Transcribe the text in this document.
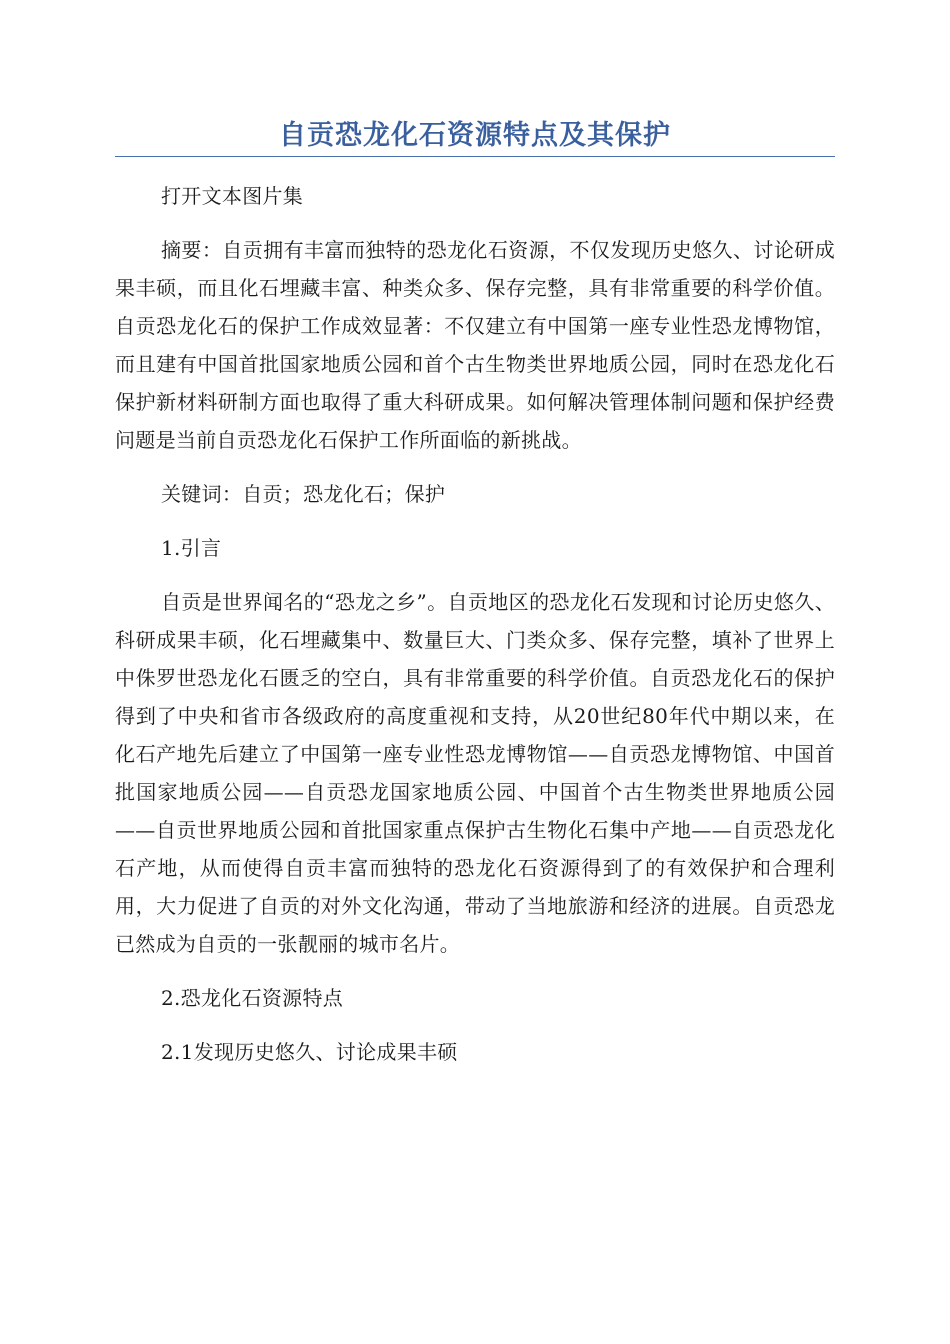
自贡恐龙化石资源特点及其保护

打开文本图片集

摘要：自贡拥有丰富而独特的恐龙化石资源，不仅发现历史悠久、讨论研成果丰硕，而且化石埋藏丰富、种类众多、保存完整，具有非常重要的科学价值。自贡恐龙化石的保护工作成效显著：不仅建立有中国第一座专业性恐龙博物馆，而且建有中国首批国家地质公园和首个古生物类世界地质公园，同时在恐龙化石保护新材料研制方面也取得了重大科研成果。如何解决管理体制问题和保护经费问题是当前自贡恐龙化石保护工作所面临的新挑战。

关键词：自贡；恐龙化石；保护

1.引言

自贡是世界闻名的“恐龙之乡”。自贡地区的恐龙化石发现和讨论历史悠久、科研成果丰硕，化石埋藏集中、数量巨大、门类众多、保存完整，填补了世界上中侏罗世恐龙化石匮乏的空白，具有非常重要的科学价值。自贡恐龙化石的保护得到了中央和省市各级政府的高度重视和支持，从20世纪80年代中期以来，在化石产地先后建立了中国第一座专业性恐龙博物馆——自贡恐龙博物馆、中国首批国家地质公园——自贡恐龙国家地质公园、中国首个古生物类世界地质公园——自贡世界地质公园和首批国家重点保护古生物化石集中产地——自贡恐龙化石产地，从而使得自贡丰富而独特的恐龙化石资源得到了的有效保护和合理利用，大力促进了自贡的对外文化沟通，带动了当地旅游和经济的进展。自贡恐龙已然成为自贡的一张靓丽的城市名片。

2.恐龙化石资源特点

2.1发现历史悠久、讨论成果丰硕
